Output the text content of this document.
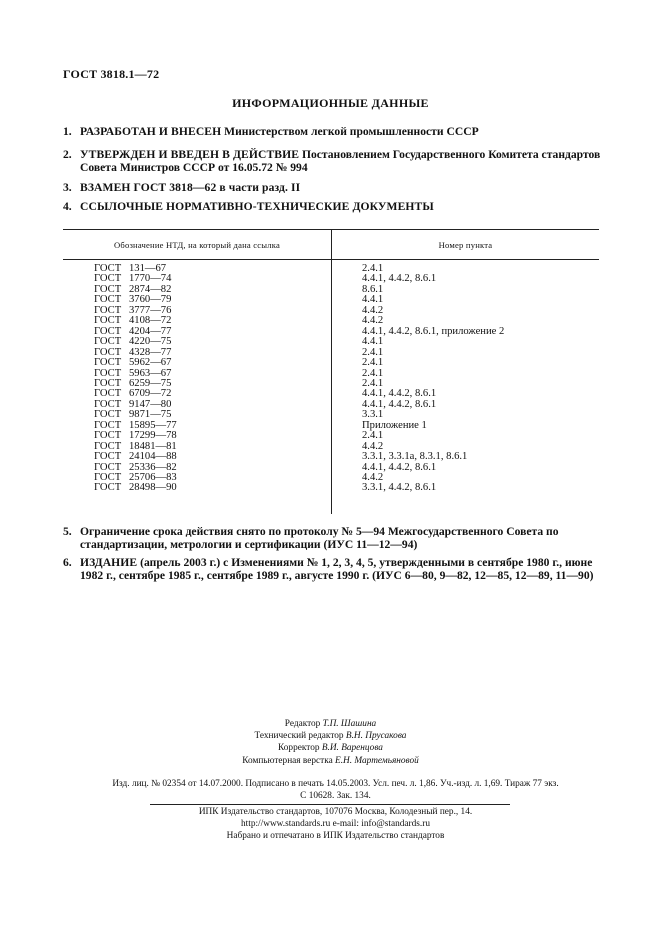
ГОСТ 3818.1—72
ИНФОРМАЦИОННЫЕ ДАННЫЕ
1. РАЗРАБОТАН И ВНЕСЕН Министерством легкой промышленности СССР
2. УТВЕРЖДЕН И ВВЕДЕН В ДЕЙСТВИЕ Постановлением Государственного Комитета стандартов Совета Министров СССР от 16.05.72 № 994
3. ВЗАМЕН ГОСТ 3818—62 в части разд. II
4. ССЫЛОЧНЫЕ НОРМАТИВНО-ТЕХНИЧЕСКИЕ ДОКУМЕНТЫ
Обозначение НТД, на который дана ссылка	Номер пункта
ГОСТ 131—67	2.4.1
ГОСТ 1770—74	4.4.1, 4.4.2, 8.6.1
ГОСТ 2874—82	8.6.1
ГОСТ 3760—79	4.4.1
ГОСТ 3777—76	4.4.2
ГОСТ 4108—72	4.4.2
ГОСТ 4204—77	4.4.1, 4.4.2, 8.6.1, приложение 2
ГОСТ 4220—75	4.4.1
ГОСТ 4328—77	2.4.1
ГОСТ 5962—67	2.4.1
ГОСТ 5963—67	2.4.1
ГОСТ 6259—75	2.4.1
ГОСТ 6709—72	4.4.1, 4.4.2, 8.6.1
ГОСТ 9147—80	4.4.1, 4.4.2, 8.6.1
ГОСТ 9871—75	3.3.1
ГОСТ 15895—77	Приложение 1
ГОСТ 17299—78	2.4.1
ГОСТ 18481—81	4.4.2
ГОСТ 24104—88	3.3.1, 3.3.1а, 8.3.1, 8.6.1
ГОСТ 25336—82	4.4.1, 4.4.2, 8.6.1
ГОСТ 25706—83	4.4.2
ГОСТ 28498—90	3.3.1, 4.4.2, 8.6.1
5. Ограничение срока действия снято по протоколу № 5—94 Межгосударственного Совета по стандартизации, метрологии и сертификации (ИУС 11—12—94)
6. ИЗДАНИЕ (апрель 2003 г.) с Изменениями № 1, 2, 3, 4, 5, утвержденными в сентябре 1980 г., июне 1982 г., сентябре 1985 г., сентябре 1989 г., августе 1990 г. (ИУС 6—80, 9—82, 12—85, 12—89, 11—90)
Редактор Т.П. Шашина
Технический редактор В.Н. Прусакова
Корректор В.И. Варенцова
Компьютерная верстка Е.Н. Мартемьяновой
Изд. лиц. № 02354 от 14.07.2000. Подписано в печать 14.05.2003. Усл. печ. л. 1,86. Уч.-изд. л. 1,69. Тираж 77 экз.
С 10628. Зак. 134.
ИПК Издательство стандартов, 107076 Москва, Колодезный пер., 14.
http://www.standards.ru e-mail: info@standards.ru
Набрано и отпечатано в ИПК Издательство стандартов
